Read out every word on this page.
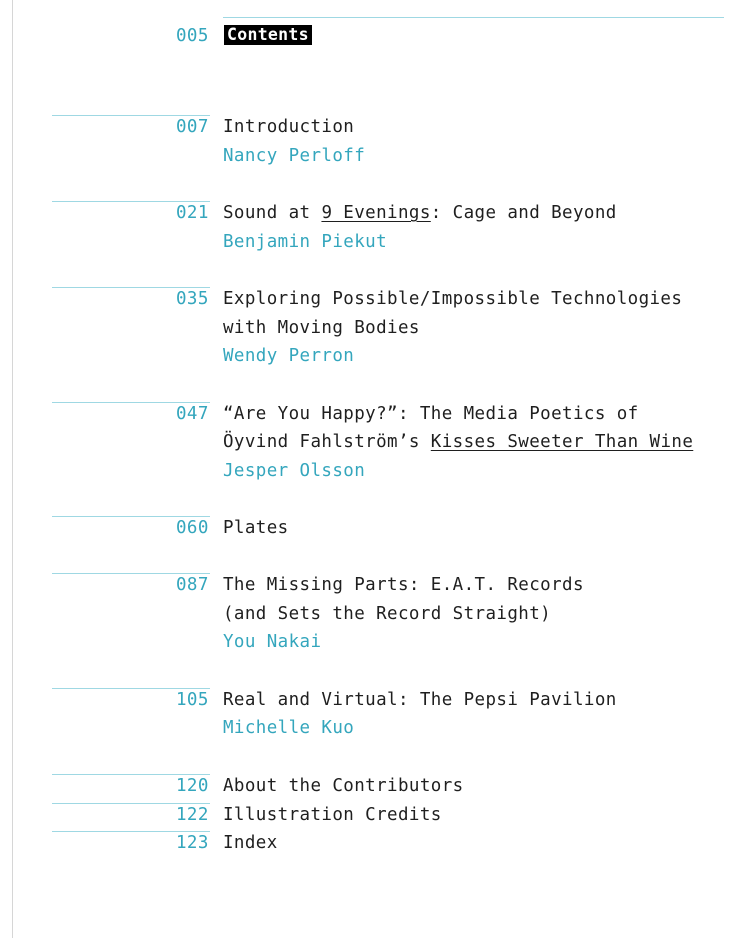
005 Contents
007 Introduction
Nancy Perloff
021 Sound at 9 Evenings: Cage and Beyond
Benjamin Piekut
035 Exploring Possible/Impossible Technologies
with Moving Bodies
Wendy Perron
047 “Are You Happy?”: The Media Poetics of
Öyvind Fahlström’s Kisses Sweeter Than Wine
Jesper Olsson
060 Plates
087 The Missing Parts: E.A.T. Records
(and Sets the Record Straight)
You Nakai
105 Real and Virtual: The Pepsi Pavilion
Michelle Kuo
120 About the Contributors
122 Illustration Credits
123 Index
